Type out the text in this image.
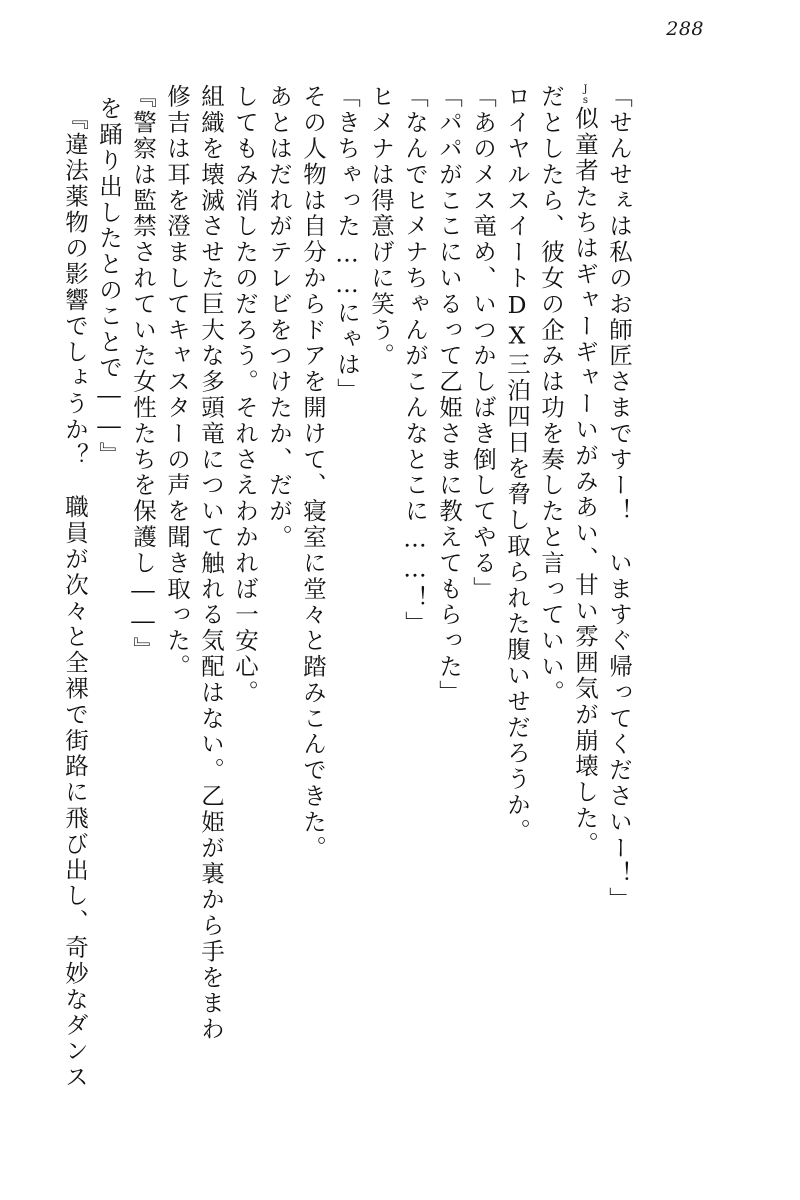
288
『違法薬物の影響でしょうか？　職員が次々と全裸で街路に飛び出し、奇妙なダンス を踊り出したとのことで――』 『警察は監禁されていた女性たちを保護し――』 修吉は耳を澄ましてキャスターの声を聞き取った。 組織を壊滅させた巨大な多頭竜について触れる気配はない。乙姫が裏から手をまわ してもみ消したのだろう。それさえわかれば一安心。 あとはだれがテレビをつけたか、だが。 その人物は自分からドアを開けて、寝室に堂々と踏みこんできた。 「きちゃった……にゃは」 ヒメナは得意げに笑う。 「なんでヒメナちゃんがこんなとこに……！」 「パパがここにいるって乙姫さまに教えてもらった」 「あのメス竜め、いつかしばき倒してやる」 ロイヤルスイートDX三泊四日を脅し取られた腹いせだろうか。 だとしたら、彼女の企みは功を奏したと言っていい。	Js似童者たちはギャーギャーいがみあい、甘い雰囲気が崩壊した。 「せんせぇは私のお師匠さまですー！　いますぐ帰ってくださいー！」
